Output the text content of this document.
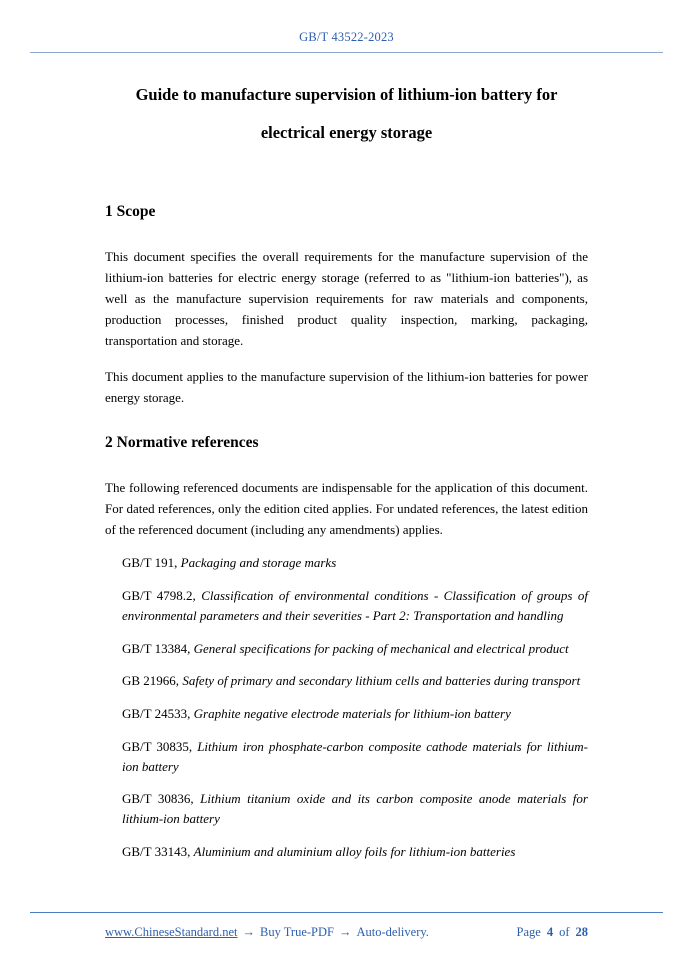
GB/T 43522-2023
Guide to manufacture supervision of lithium-ion battery for
electrical energy storage
1 Scope

This document specifies the overall requirements for the manufacture supervision of the lithium-ion batteries for electric energy storage (referred to as "lithium-ion batteries"), as well as the manufacture supervision requirements for raw materials and components, production processes, finished product quality inspection, marking, packaging, transportation and storage.

This document applies to the manufacture supervision of the lithium-ion batteries for power energy storage.

2 Normative references

The following referenced documents are indispensable for the application of this document. For dated references, only the edition cited applies. For undated references, the latest edition of the referenced document (including any amendments) applies.

GB/T 191, Packaging and storage marks

GB/T 4798.2, Classification of environmental conditions - Classification of groups of environmental parameters and their severities - Part 2: Transportation and handling

GB/T 13384, General specifications for packing of mechanical and electrical product

GB 21966, Safety of primary and secondary lithium cells and batteries during transport

GB/T 24533, Graphite negative electrode materials for lithium-ion battery

GB/T 30835, Lithium iron phosphate-carbon composite cathode materials for lithium-ion battery

GB/T 30836, Lithium titanium oxide and its carbon composite anode materials for lithium-ion battery

GB/T 33143, Aluminium and aluminium alloy foils for lithium-ion batteries

www.ChineseStandard.net → Buy True-PDF → Auto-delivery.	Page 4 of 28
